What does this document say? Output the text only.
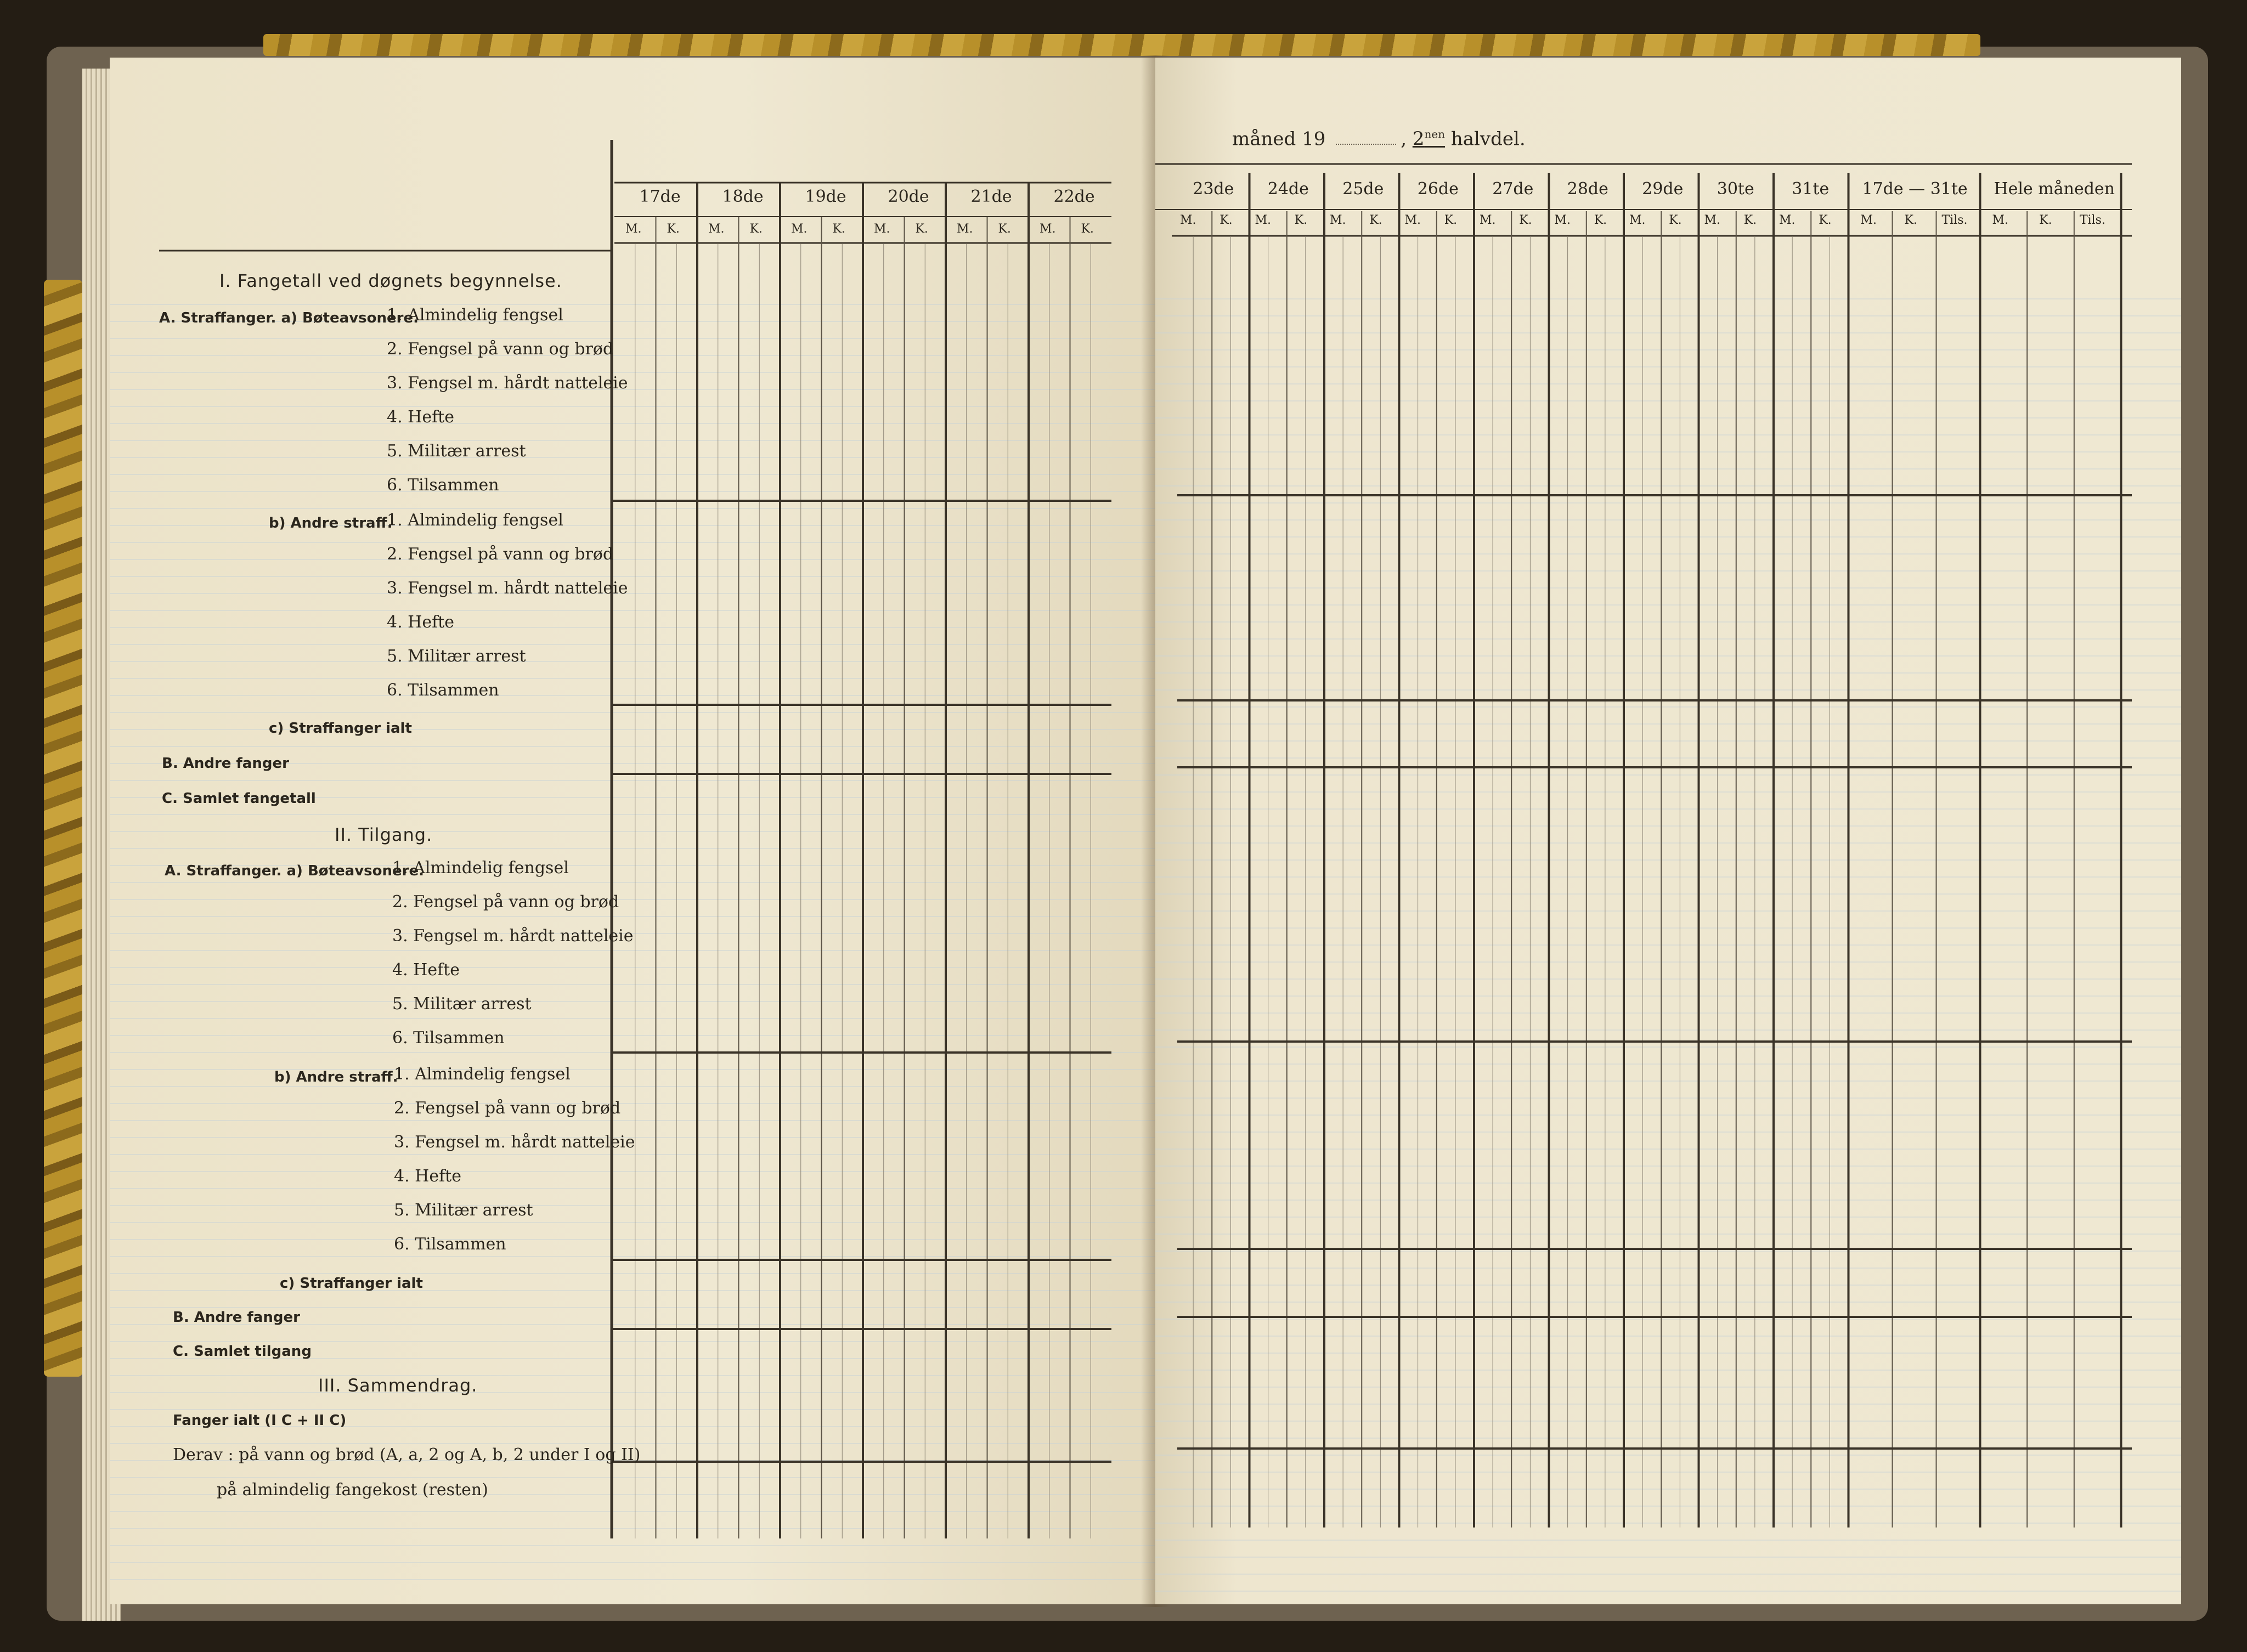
I. Fangetall ved døgnets begynnelse.
A. Straffanger. a) Bøteavsonere.
1. Almindelig fengsel
2. Fengsel på vann og brød
3. Fengsel m. hårdt natteleie
4. Hefte
5. Militær arrest
6. Tilsammen
b) Andre straff.
1. Almindelig fengsel
2. Fengsel på vann og brød
3. Fengsel m. hårdt natteleie
4. Hefte
5. Militær arrest
6. Tilsammen
c) Straffanger ialt
B. Andre fanger
C. Samlet fangetall
II. Tilgang.
A. Straffanger. a) Bøteavsonere.
1. Almindelig fengsel
2. Fengsel på vann og brød
3. Fengsel m. hårdt natteleie
4. Hefte
5. Militær arrest
6. Tilsammen
b) Andre straff.
1. Almindelig fengsel
2. Fengsel på vann og brød
3. Fengsel m. hårdt natteleie
4. Hefte
5. Militær arrest
6. Tilsammen
c) Straffanger ialt
B. Andre fanger
C. Samlet tilgang
III. Sammendrag.
Fanger ialt (I C + II C)
Derav : på vann og brød (A, a, 2 og A, b, 2 under I og II)
på almindelig fangekost (resten)
17de
M. K.
18de
M. K.
19de
M. K.
20de
M. K.
21de
M. K.
22de
M. K.
måned 19	, $2^{nen}$ halvdel.
23de
M. K.
24de
M. K.
25de
M. K.
26de
M. K.
27de
M. K.
28de
M. K.
29de
M. K.
30te
M. K.
31te
M. K.
17de — 31te
M. K. Tils.
Hele måneden
M.	K. Tils.
